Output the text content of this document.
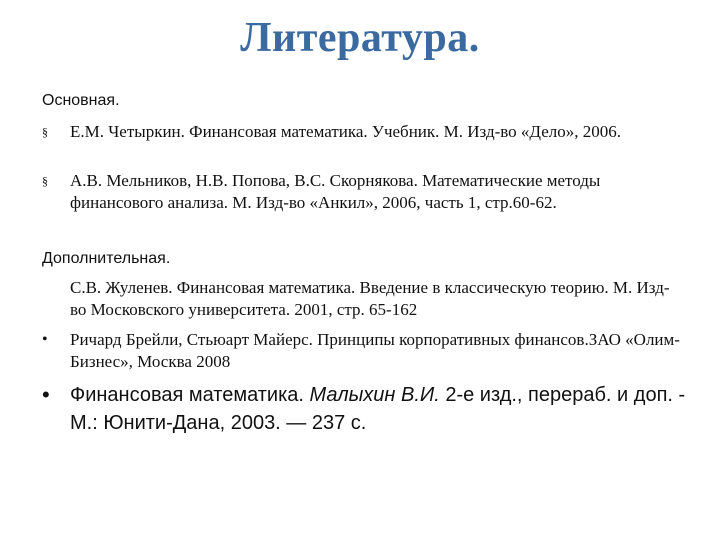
Литература.
Основная.
§	Е.М. Четыркин. Финансовая математика. Учебник. М. Изд-во «Дело», 2006.
§	А.В. Мельников, Н.В. Попова, В.С. Скорнякова. Математические методы финансового анализа. М. Изд-во «Анкил», 2006, часть 1, стр.60-62.
Дополнительная.
С.В. Жуленев. Финансовая математика. Введение в классическую теорию. М. Изд-во Московского университета. 2001, стр. 65-162
•	Ричард Брейли, Стьюарт Майерс. Принципы корпоративных финансов.ЗАО «Олим-Бизнес», Москва 2008
•	Финансовая математика. Малыхин В.И. 2-е изд., перераб. и доп. - М.: Юнити-Дана, 2003. — 237 с.
